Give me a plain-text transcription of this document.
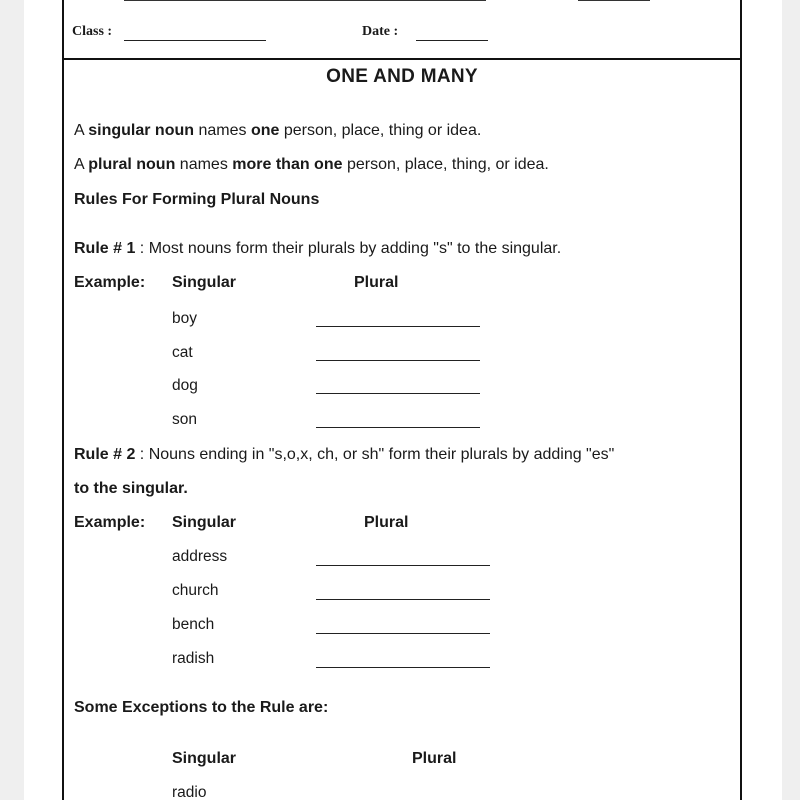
Class :	Date :
ONE AND MANY
A singular noun names one person, place, thing or idea.
A plural noun names more than one person, place, thing, or idea.
Rules For Forming Plural Nouns
Rule # 1 : Most nouns form their plurals by adding "s" to the singular.
Example: Singular	Plural
boy
cat
dog
son
Rule # 2 : Nouns ending in "s,o,x, ch, or sh" form their plurals by adding "es"
to the singular.
Example: Singular	Plural
address
church
bench
radish
Some Exceptions to the Rule are:
Singular	Plural
radio
